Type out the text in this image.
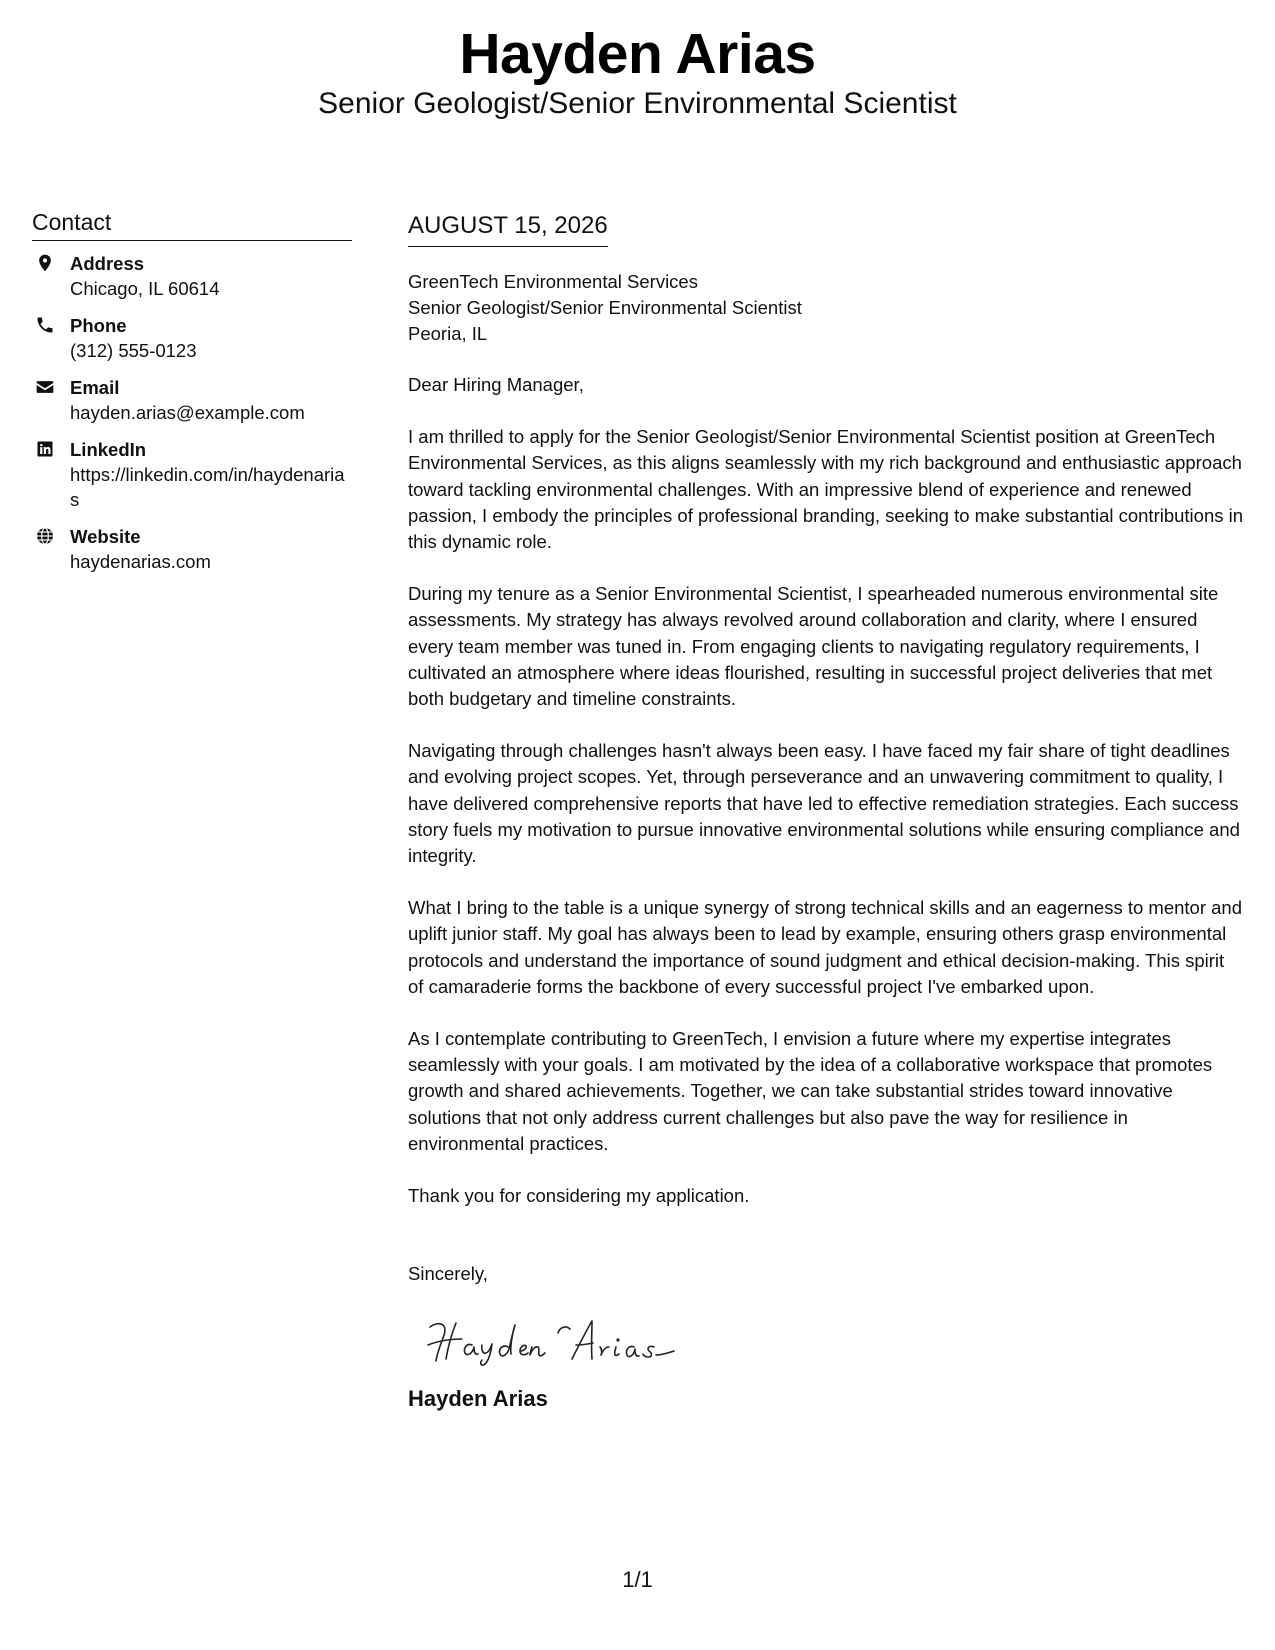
Hayden Arias
Senior Geologist/Senior Environmental Scientist
Contact
Address
Chicago, IL 60614
Phone
(312) 555-0123
Email
hayden.arias@example.com
LinkedIn
https://linkedin.com/in/haydenarias
Website
haydenarias.com
AUGUST 15, 2026
GreenTech Environmental Services
Senior Geologist/Senior Environmental Scientist
Peoria, IL

Dear Hiring Manager,

I am thrilled to apply for the Senior Geologist/Senior Environmental Scientist position at GreenTech Environmental Services, as this aligns seamlessly with my rich background and enthusiastic approach toward tackling environmental challenges. With an impressive blend of experience and renewed passion, I embody the principles of professional branding, seeking to make substantial contributions in this dynamic role.

During my tenure as a Senior Environmental Scientist, I spearheaded numerous environmental site assessments. My strategy has always revolved around collaboration and clarity, where I ensured every team member was tuned in. From engaging clients to navigating regulatory requirements, I cultivated an atmosphere where ideas flourished, resulting in successful project deliveries that met both budgetary and timeline constraints.

Navigating through challenges hasn't always been easy. I have faced my fair share of tight deadlines and evolving project scopes. Yet, through perseverance and an unwavering commitment to quality, I have delivered comprehensive reports that have led to effective remediation strategies. Each success story fuels my motivation to pursue innovative environmental solutions while ensuring compliance and integrity.

What I bring to the table is a unique synergy of strong technical skills and an eagerness to mentor and uplift junior staff. My goal has always been to lead by example, ensuring others grasp environmental protocols and understand the importance of sound judgment and ethical decision-making. This spirit of camaraderie forms the backbone of every successful project I've embarked upon.

As I contemplate contributing to GreenTech, I envision a future where my expertise integrates seamlessly with your goals. I am motivated by the idea of a collaborative workspace that promotes growth and shared achievements. Together, we can take substantial strides toward innovative solutions that not only address current challenges but also pave the way for resilience in environmental practices.

Thank you for considering my application.

Sincerely,
Hayden Arias
1/1
